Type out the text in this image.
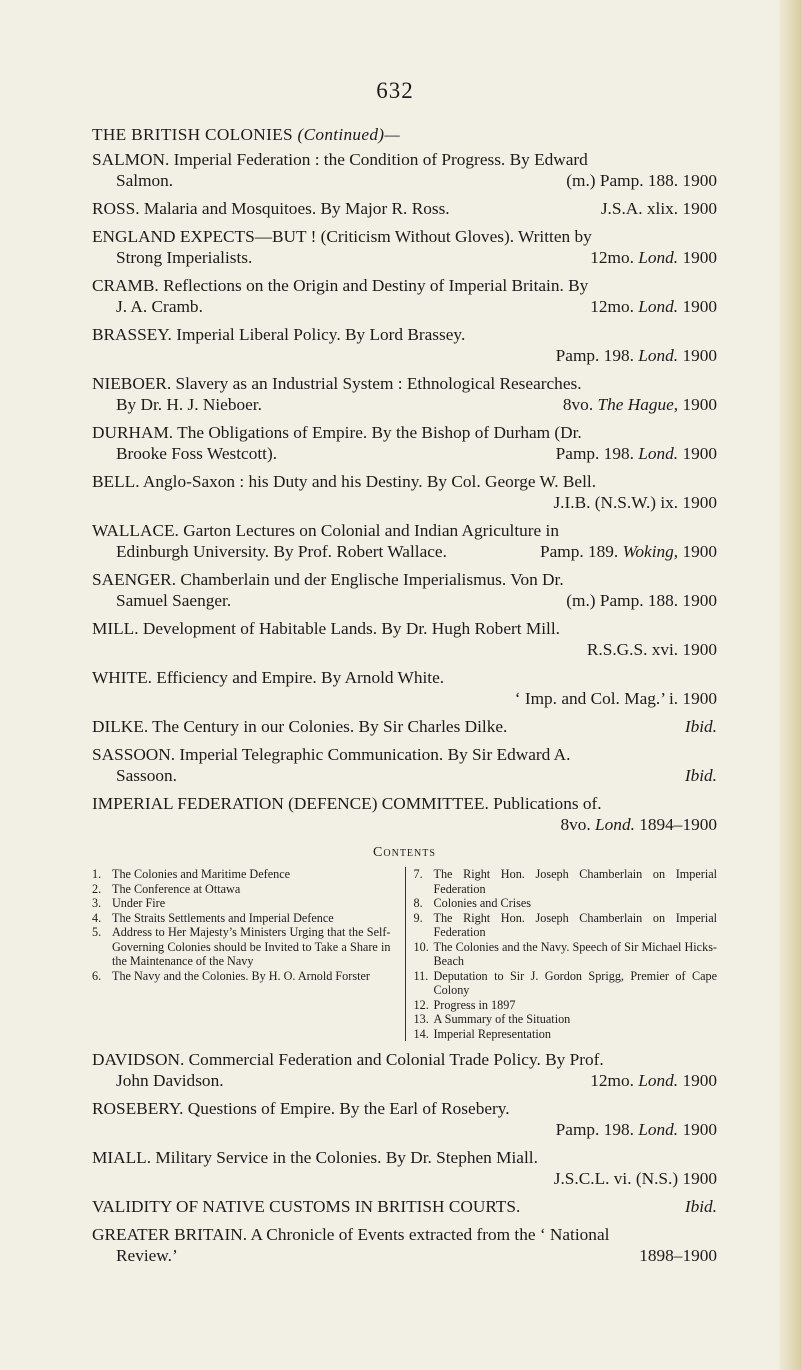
632
THE BRITISH COLONIES (Continued)—
SALMON. Imperial Federation : the Condition of Progress. By Edward
Salmon.	(m.) Pamp. 188. 1900
ROSS. Malaria and Mosquitoes. By Major R. Ross.	J.S.A. xlix. 1900
ENGLAND EXPECTS—BUT ! (Criticism Without Gloves). Written by
Strong Imperialists.	12mo. Lond. 1900
CRAMB. Reflections on the Origin and Destiny of Imperial Britain. By
J. A. Cramb.	12mo. Lond. 1900
BRASSEY. Imperial Liberal Policy. By Lord Brassey.
Pamp. 198. Lond. 1900
NIEBOER. Slavery as an Industrial System : Ethnological Researches.
By Dr. H. J. Nieboer.	8vo. The Hague, 1900
DURHAM. The Obligations of Empire. By the Bishop of Durham (Dr.
Brooke Foss Westcott).	Pamp. 198. Lond. 1900
BELL. Anglo-Saxon : his Duty and his Destiny. By Col. George W. Bell.
J.I.B. (N.S.W.) ix. 1900
WALLACE. Garton Lectures on Colonial and Indian Agriculture in
Edinburgh University. By Prof. Robert Wallace.	Pamp. 189. Woking, 1900
SAENGER. Chamberlain und der Englische Imperialismus. Von Dr.
Samuel Saenger.	(m.) Pamp. 188. 1900
MILL. Development of Habitable Lands. By Dr. Hugh Robert Mill.
R.S.G.S. xvi. 1900
WHITE. Efficiency and Empire. By Arnold White.
‘ Imp. and Col. Mag.’ i. 1900
DILKE. The Century in our Colonies. By Sir Charles Dilke.	Ibid.
SASSOON. Imperial Telegraphic Communication. By Sir Edward A.
Sassoon.	Ibid.
IMPERIAL FEDERATION (DEFENCE) COMMITTEE. Publications of.
8vo. Lond. 1894–1900
Contents
1. The Colonies and Maritime Defence
2. The Conference at Ottawa
3. Under Fire
4. The Straits Settlements and Imperial Defence
5. Address to Her Majesty’s Ministers Urging that the Self-Governing Colonies should be Invited to Take a Share in the Maintenance of the Navy
6. The Navy and the Colonies. By H. O. Arnold Forster
7. The Right Hon. Joseph Chamberlain on Imperial Federation
8. Colonies and Crises
9. The Right Hon. Joseph Chamberlain on Imperial Federation
10. The Colonies and the Navy. Speech of Sir Michael Hicks-Beach
11. Deputation to Sir J. Gordon Sprigg, Premier of Cape Colony
12. Progress in 1897
13. A Summary of the Situation
14. Imperial Representation
DAVIDSON. Commercial Federation and Colonial Trade Policy. By Prof.
John Davidson.	12mo. Lond. 1900
ROSEBERY. Questions of Empire. By the Earl of Rosebery.
Pamp. 198. Lond. 1900
MIALL. Military Service in the Colonies. By Dr. Stephen Miall.
J.S.C.L. vi. (N.S.) 1900
VALIDITY OF NATIVE CUSTOMS IN BRITISH COURTS.	Ibid.
GREATER BRITAIN. A Chronicle of Events extracted from the ‘ National
Review.’	1898–1900
